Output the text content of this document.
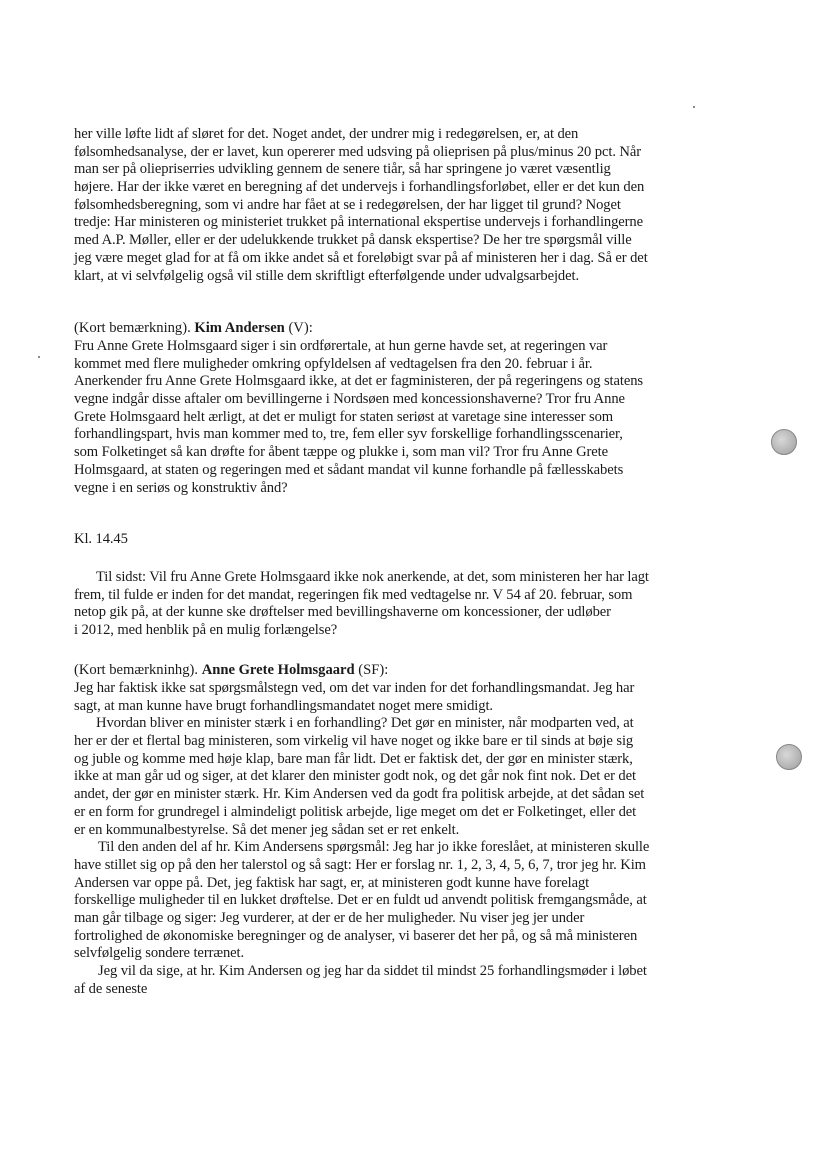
her ville løfte lidt af sløret for det. Noget andet, der undrer mig i redegørelsen, er, at den
følsomhedsanalyse, der er lavet, kun opererer med udsving på olieprisen på plus/minus 20 pct. Når
man ser på oliepriserries udvikling gennem de senere tiår, så har springene jo været væsentlig
højere. Har der ikke været en beregning af det undervejs i forhandlingsforløbet, eller er det kun den
følsomhedsberegning, som vi andre har fået at se i redegørelsen, der har ligget til grund? Noget
tredje: Har ministeren og ministeriet trukket på international ekspertise undervejs i forhandlingerne
med A.P. Møller, eller er der udelukkende trukket på dansk ekspertise? De her tre spørgsmål ville
jeg være meget glad for at få om ikke andet så et foreløbigt svar på af ministeren her i dag. Så er det
klart, at vi selvfølgelig også vil stille dem skriftligt efterfølgende under udvalgsarbejdet.
(Kort bemærkning). Kim Andersen (V):
Fru Anne Grete Holmsgaard siger i sin ordførertale, at hun gerne havde set, at regeringen var
kommet med flere muligheder omkring opfyldelsen af vedtagelsen fra den 20. februar i år.
Anerkender fru Anne Grete Holmsgaard ikke, at det er fagministeren, der på regeringens og statens
vegne indgår disse aftaler om bevillingerne i Nordsøen med koncessionshaverne? Tror fru Anne
Grete Holmsgaard helt ærligt, at det er muligt for staten seriøst at varetage sine interesser som
forhandlingspart, hvis man kommer med to, tre, fem eller syv forskellige forhandlingsscenarier,
som Folketinget så kan drøfte for åbent tæppe og plukke i, som man vil? Tror fru Anne Grete
Holmsgaard, at staten og regeringen med et sådant mandat vil kunne forhandle på fællesskabets
vegne i en seriøs og konstruktiv ånd?
Kl. 14.45
Til sidst: Vil fru Anne Grete Holmsgaard ikke nok anerkende, at det, som ministeren her har lagt
frem, til fulde er inden for det mandat, regeringen fik med vedtagelse nr. V 54 af 20. februar, som
netop gik på, at der kunne ske drøftelser med bevillingshaverne om koncessioner, der udløber
i 2012, med henblik på en mulig forlængelse?
(Kort bemærkninhg). Anne Grete Holmsgaard (SF):
Jeg har faktisk ikke sat spørgsmålstegn ved, om det var inden for det forhandlingsmandat. Jeg har
sagt, at man kunne have brugt forhandlingsmandatet noget mere smidigt.
Hvordan bliver en minister stærk i en forhandling? Det gør en minister, når modparten ved, at
her er der et flertal bag ministeren, som virkelig vil have noget og ikke bare er til sinds at bøje sig
og juble og komme med høje klap, bare man får lidt. Det er faktisk det, der gør en minister stærk,
ikke at man går ud og siger, at det klarer den minister godt nok, og det går nok fint nok. Det er det
andet, der gør en minister stærk. Hr. Kim Andersen ved da godt fra politisk arbejde, at det sådan set
er en form for grundregel i almindeligt politisk arbejde, lige meget om det er Folketinget, eller det
er en kommunalbestyrelse. Så det mener jeg sådan set er ret enkelt.
Til den anden del af hr. Kim Andersens spørgsmål: Jeg har jo ikke foreslået, at ministeren skulle
have stillet sig op på den her talerstol og så sagt: Her er forslag nr. 1, 2, 3, 4, 5, 6, 7, tror jeg hr. Kim
Andersen var oppe på. Det, jeg faktisk har sagt, er, at ministeren godt kunne have forelagt
forskellige muligheder til en lukket drøftelse. Det er en fuldt ud anvendt politisk fremgangsmåde, at
man går tilbage og siger: Jeg vurderer, at der er de her muligheder. Nu viser jeg jer under
fortrolighed de økonomiske beregninger og de analyser, vi baserer det her på, og så må ministeren
selvfølgelig sondere terrænet.
Jeg vil da sige, at hr. Kim Andersen og jeg har da siddet til mindst 25 forhandlingsmøder i løbet
af de seneste
